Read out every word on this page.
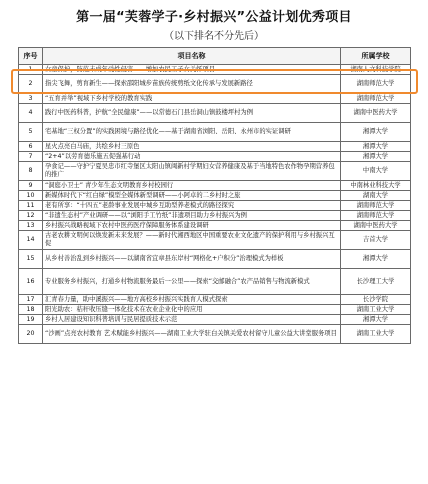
第一届“芙蓉学子·乡村振兴”公益计划优秀项目
（以下排名不分先后）
序号	项目名称	所属学校
1	女童保护，防范未成年受性侵害——增加农民工子女关怀项目	湖南人文科技学院
2	指尖飞舞，剪育新生——探索邵阳城步苗族传统剪纸文化传承与发展新路径	湖南师范大学
3	“五育并举”视域下乡村学校的教育实践	湖南师范大学
4	践行中医药科普，护航“全民健康”——以常德石门县岳洞山镇鼓楼坪村为例	湖南中医药大学
5	宅基地“三权分置”的实践困境与路径优化——基于湖南省浏阳、岳阳、永州市的实证调研	湘潭大学
6	星火点亮白马庙，共绘乡村三原色	湘潭大学
7	“2+4”以劳育德乐施五促强基行动	湘潭大学
8	孕食记——守护宁夏吴忠市红寺堡区太阳山镇闽新村学期妇女营养健康及基于当地特色农作物孕期营养包的推广	中南大学
9	“洞庭小卫士” 青少年生态文明教育乡村校园行	中南林业科技大学
10	新媒体时代下“红白绿”模型全媒体新型调研——小阿卓的二乡村时之旅	湖南大学
11	老有所享：“十四五”老龄事业发展中城乡互助型养老模式的路径探究	湖南师范大学
12	“非遗生态村”产业调研——以“浏阳手工竹纸”非遗项目助力乡村振兴为例	湖南师范大学
13	乡村振兴战略视域下农村中医药医疗保障服务体系建设调研	湖南中医药大学
14	古老农耕文明何以焕发新未来发展？——新时代湘西地区中国重要农业文化遗产的保护利用与乡村振兴互促	吉首大学
15	从乡村善治乱到乡村振兴——以湖南省宜章县东岸村“网格化+户积分”治理模式为样板	湘潭大学
16	专业服务乡村振兴，打通乡村物流服务最后一公里——探索“交邮融合”农产品销售与物流新模式	长沙理工大学
17	汇青春力量，助中溪振兴——地方高校乡村振兴实践育人模式探索	长沙学院
18	阳光助农：秸秆收压缝一体化技术在农业企业化中的应用	湖南工业大学
19	乡村人居建设知识科普培训与民居提质技术示范	湘潭大学
20	“沙画”点亮农村教育 艺术赋能乡村振兴——湖南工业大学驻白关镇关爱农村留守儿童公益大讲堂服务项目	湖南工业大学
